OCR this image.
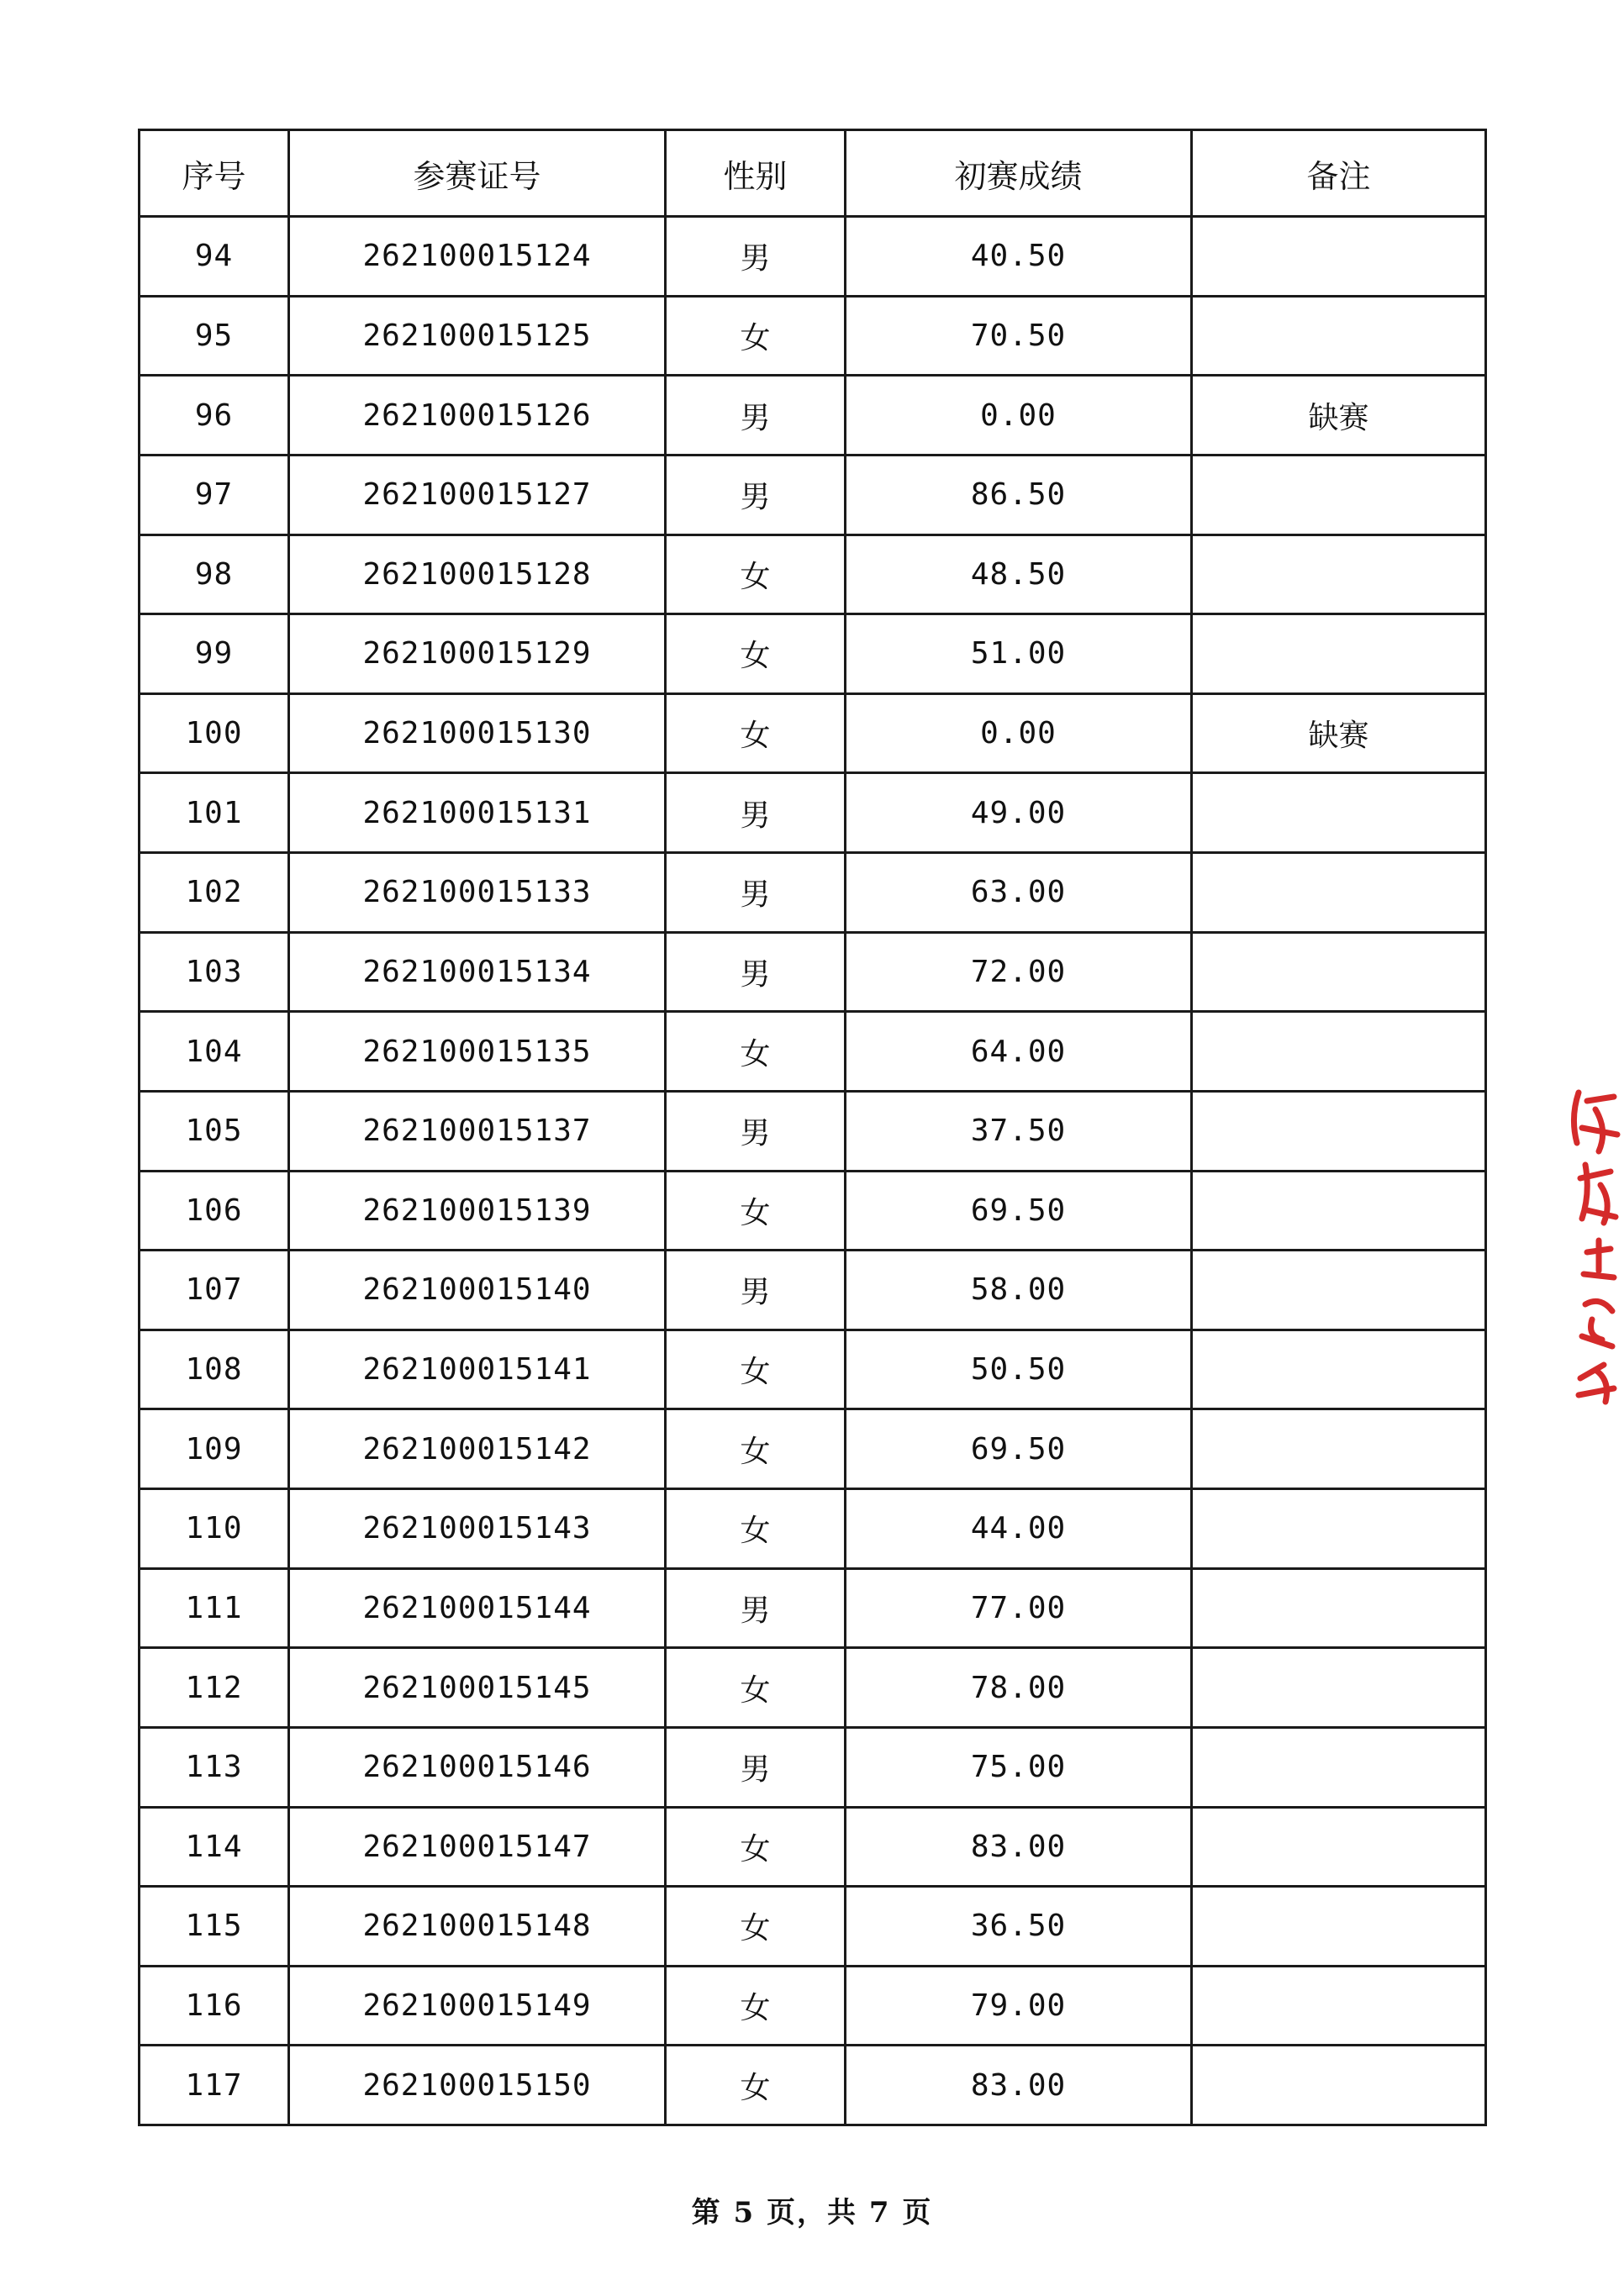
序号	参赛证号	性别	初赛成绩	备注
94	262100015124	男	40.50	
95	262100015125	女	70.50	
96	262100015126	男	0.00	缺赛
97	262100015127	男	86.50	
98	262100015128	女	48.50	
99	262100015129	女	51.00	
100	262100015130	女	0.00	缺赛
101	262100015131	男	49.00	
102	262100015133	男	63.00	
103	262100015134	男	72.00	
104	262100015135	女	64.00	
105	262100015137	男	37.50	
106	262100015139	女	69.50	
107	262100015140	男	58.00	
108	262100015141	女	50.50	
109	262100015142	女	69.50	
110	262100015143	女	44.00	
111	262100015144	男	77.00	
112	262100015145	女	78.00	
113	262100015146	男	75.00	
114	262100015147	女	83.00	
115	262100015148	女	36.50	
116	262100015149	女	79.00	
117	262100015150	女	83.00	
第 5 页，共 7 页
